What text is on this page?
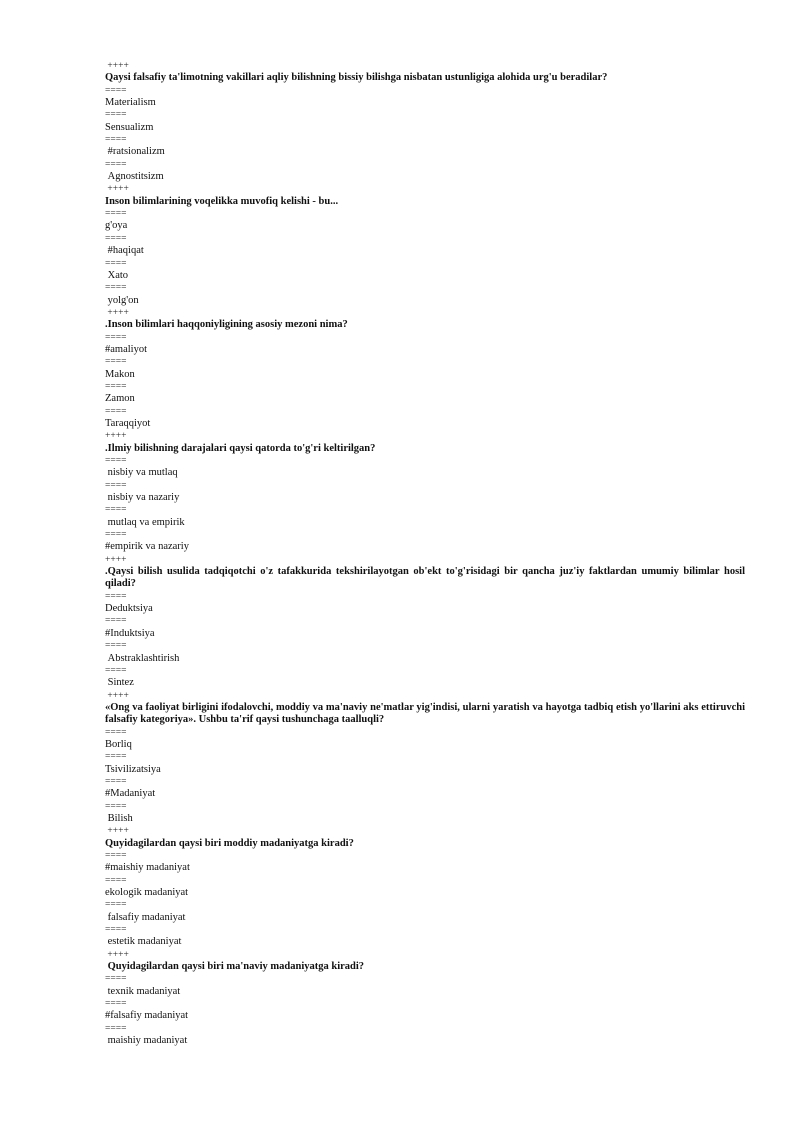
++++
Qaysi falsafiy ta'limotning vakillari aqliy bilishning bissiy bilishga nisbatan ustunligiga alohida urg'u beradilar?
====
Materialism
====
Sensualizm
====
#ratsionalizm
====
Agnostitsizm
++++
Inson bilimlarining voqelikka muvofiq kelishi - bu...
====
g'oya
====
#haqiqat
====
Xato
====
yolg'on
++++
.Inson bilimlari haqqoniyligining asosiy mezoni nima?
====
#amaliyot
====
Makon
====
Zamon
====
Taraqqiyot
++++
.Ilmiy bilishning darajalari qaysi qatorda to'g'ri keltirilgan?
====
nisbiy va mutlaq
====
nisbiy va nazariy
====
mutlaq va empirik
====
#empirik va nazariy
++++
.Qaysi bilish usulida tadqiqotchi o'z tafakkurida tekshirilayotgan ob'ekt to'g'risidagi bir qancha juz'iy faktlardan umumiy bilimlar hosil qiladi?
====
Deduktsiya
====
#Induktsiya
====
Abstraklashtirish
====
Sintez
++++
«Ong va faoliyat birligini ifodalovchi, moddiy va ma'naviy ne'matlar yig'indisi, ularni yaratish va hayotga tadbiq etish yo'llarini aks ettiruvchi falsafiy kategoriya». Ushbu ta'rif qaysi tushunchaga taalluqli?
====
Borliq
====
Tsivilizatsiya
====
#Madaniyat
====
Bilish
++++
Quyidagilardan qaysi biri moddiy madaniyatga kiradi?
====
#maishiy madaniyat
====
ekologik madaniyat
====
falsafiy madaniyat
====
estetik madaniyat
++++
Quyidagilardan qaysi biri ma'naviy madaniyatga kiradi?
====
texnik madaniyat
====
#falsafiy madaniyat
====
maishiy madaniyat
